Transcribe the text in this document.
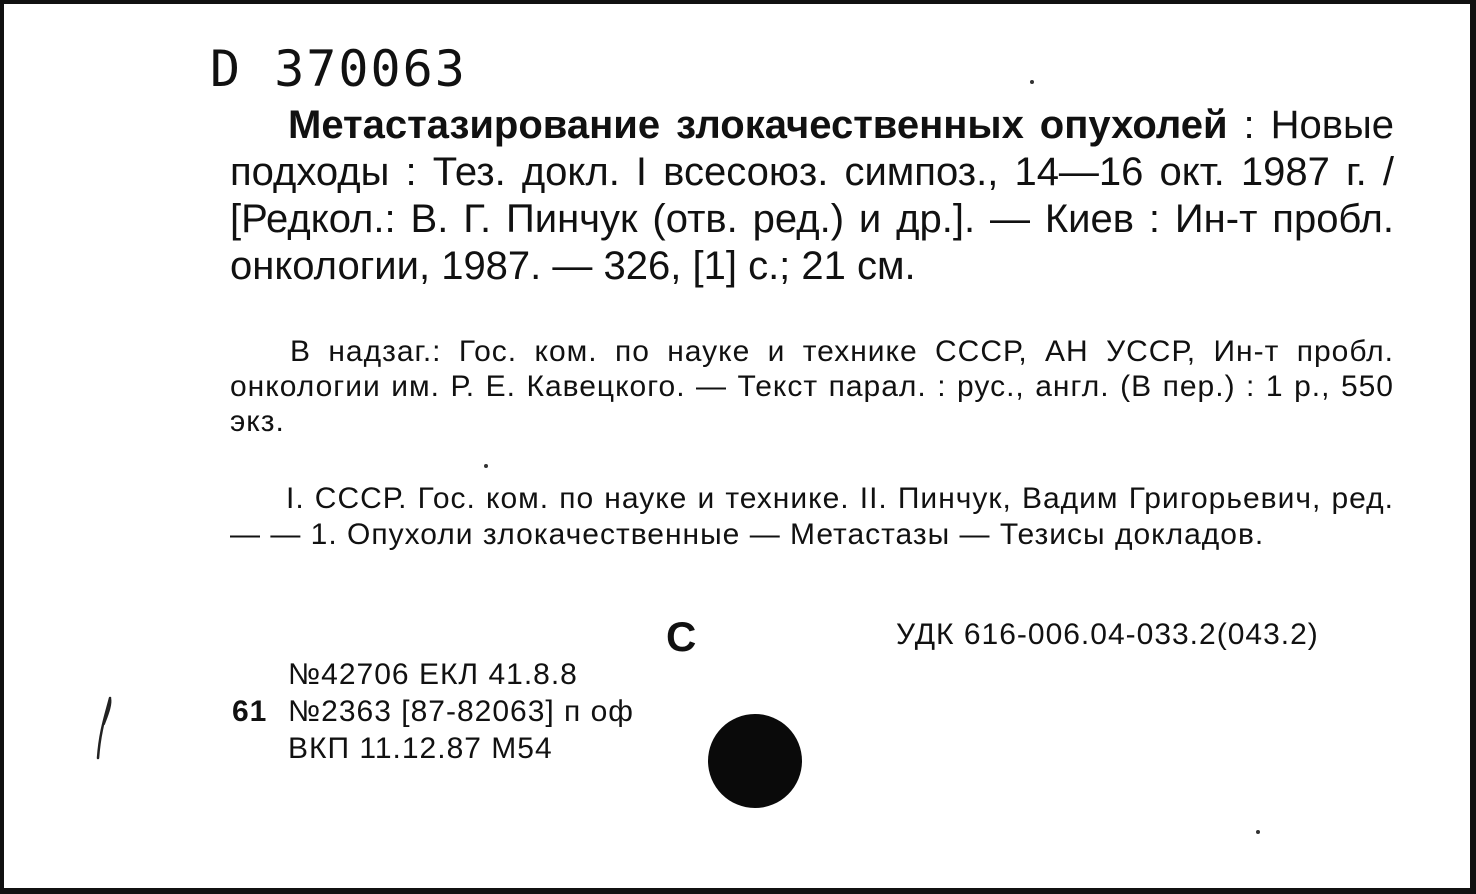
D 370063

Метастазирование злокачественных опухолей : Новые подходы : Тез. докл. I всесоюз. симпоз., 14—16 окт. 1987 г. / [Редкол.: В. Г. Пинчук (отв. ред.) и др.]. — Киев : Ин-т пробл. онкологии, 1987. — 326, [1] с.; 21 см.

В надзаг.: Гос. ком. по науке и технике СССР, АН УССР, Ин-т пробл. онкологии им. Р. Е. Кавецкого. — Текст парал. : рус., англ. (В пер.) : 1 р., 550 экз.

I. СССР. Гос. ком. по науке и технике. II. Пинчук, Вадим Григорьевич, ред. — — 1. Опухоли злокачественные — Метастазы — Тезисы докладов.

С	УДК 616-006.04-033.2(043.2)
№42706 ЕКЛ 41.8.8
61 №2363 [87-82063] п оф
ВКП 11.12.87 М54
